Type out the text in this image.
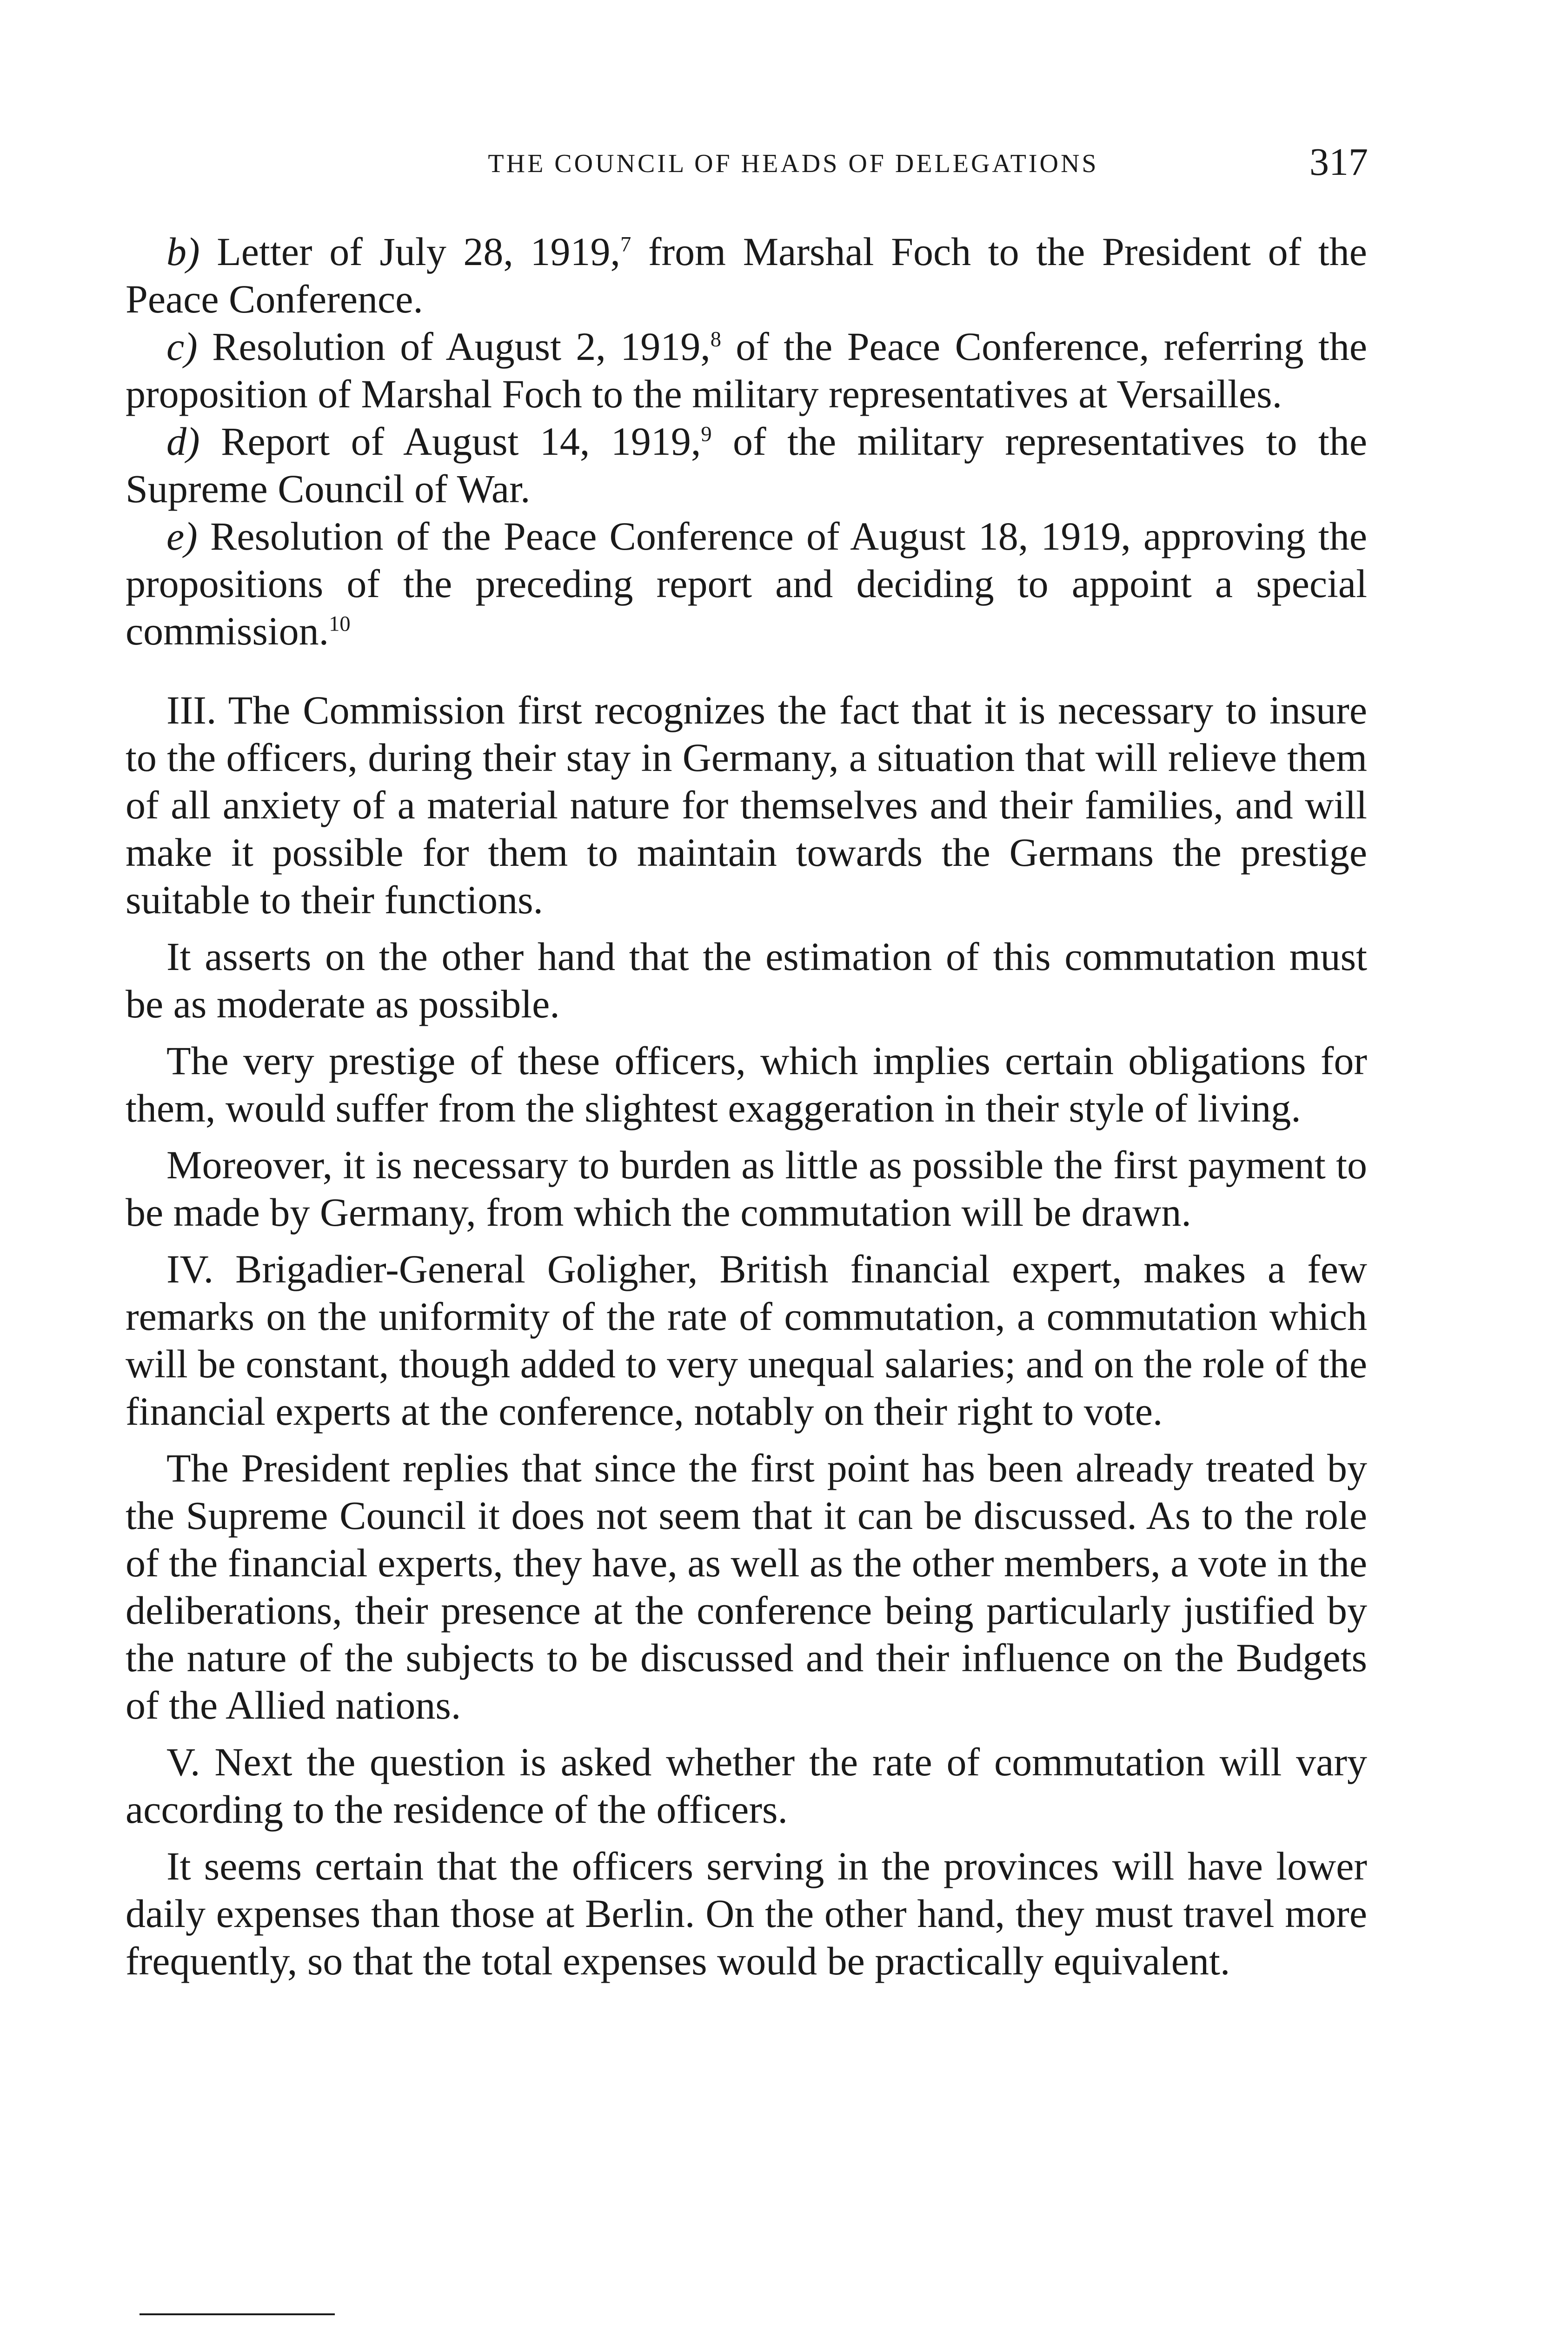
THE COUNCIL OF HEADS OF DELEGATIONS	317

b) Letter of July 28, 1919,$^7$ from Marshal Foch to the President of the Peace Conference.

c) Resolution of August 2, 1919,$^8$ of the Peace Conference, referring the proposition of Marshal Foch to the military representatives at Versailles.

d) Report of August 14, 1919,$^9$ of the military representatives to the Supreme Council of War.

e) Resolution of the Peace Conference of August 18, 1919, approving the propositions of the preceding report and deciding to appoint a special commission.$^{10}$

III. The Commission first recognizes the fact that it is necessary to insure to the officers, during their stay in Germany, a situation that will relieve them of all anxiety of a material nature for themselves and their families, and will make it possible for them to maintain towards the Germans the prestige suitable to their functions.

It asserts on the other hand that the estimation of this commutation must be as moderate as possible.

The very prestige of these officers, which implies certain obligations for them, would suffer from the slightest exaggeration in their style of living.

Moreover, it is necessary to burden as little as possible the first payment to be made by Germany, from which the commutation will be drawn.

IV. Brigadier-General Goligher, British financial expert, makes a few remarks on the uniformity of the rate of commutation, a commutation which will be constant, though added to very unequal salaries; and on the role of the financial experts at the conference, notably on their right to vote.

The President replies that since the first point has been already treated by the Supreme Council it does not seem that it can be discussed. As to the role of the financial experts, they have, as well as the other members, a vote in the deliberations, their presence at the conference being particularly justified by the nature of the subjects to be discussed and their influence on the Budgets of the Allied nations.

V. Next the question is asked whether the rate of commutation will vary according to the residence of the officers.

It seems certain that the officers serving in the provinces will have lower daily expenses than those at Berlin. On the other hand, they must travel more frequently, so that the total expenses would be practically equivalent.
